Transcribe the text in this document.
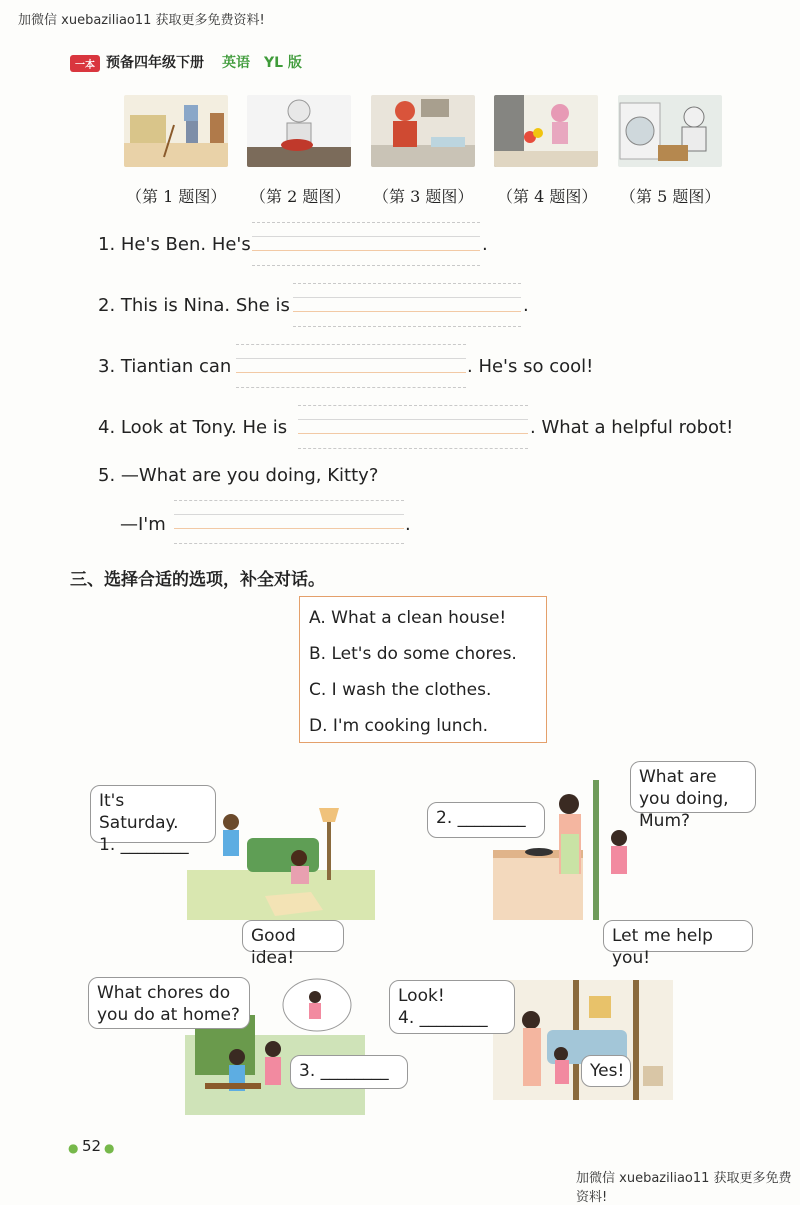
加微信 xuebaziliao11 获取更多免费资料!
一本 预备四年级下册 英语 YL 版
（第 1 题图） （第 2 题图） （第 3 题图） （第 4 题图） （第 5 题图）
1. He's Ben. He's	.
2. This is Nina. She is	.
3. Tiantian can	. He's so cool!
4. Look at Tony. He is	. What a helpful robot!
5. —What are you doing, Kitty?
—I'm	.
三、选择合适的选项，补全对话。
A. What a clean house!
B. Let's do some chores.
C. I wash the clothes.
D. I'm cooking lunch.
It's Saturday.
1. ________
Good idea!
2. ________
What are you doing, Mum?
Let me help you!
What chores do you do at home?
3. ________
Look!
4. ________
Yes!
● 52 ●
加微信 xuebaziliao11 获取更多免费资料!
